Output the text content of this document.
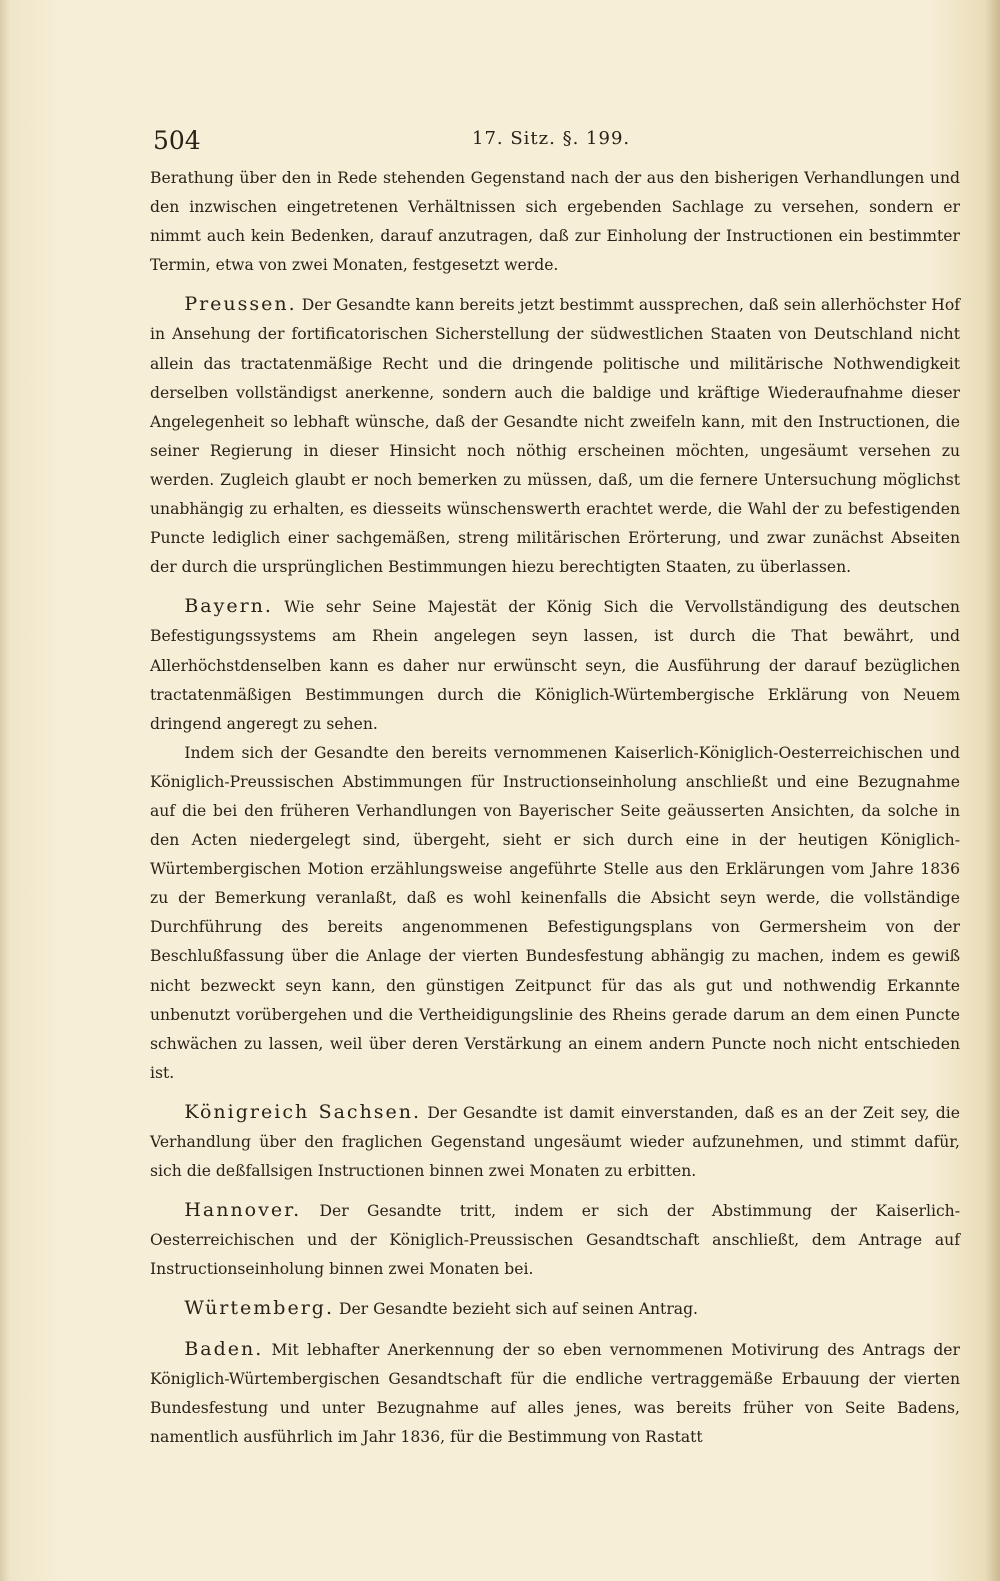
504	17. Sitz. §. 199.

Berathung über den in Rede stehenden Gegenstand nach der aus den bisherigen Verhandlungen und den inzwischen eingetretenen Verhältnissen sich ergebenden Sachlage zu versehen, sondern er nimmt auch kein Bedenken, darauf anzutragen, daß zur Einholung der Instructionen ein bestimmter Termin, etwa von zwei Monaten, festgesetzt werde.

Preussen. Der Gesandte kann bereits jetzt bestimmt aussprechen, daß sein allerhöchster Hof in Ansehung der fortificatorischen Sicherstellung der südwestlichen Staaten von Deutschland nicht allein das tractatenmäßige Recht und die dringende politische und militärische Nothwendigkeit derselben vollständigst anerkenne, sondern auch die baldige und kräftige Wiederaufnahme dieser Angelegenheit so lebhaft wünsche, daß der Gesandte nicht zweifeln kann, mit den Instructionen, die seiner Regierung in dieser Hinsicht noch nöthig erscheinen möchten, ungesäumt versehen zu werden. Zugleich glaubt er noch bemerken zu müssen, daß, um die fernere Untersuchung möglichst unabhängig zu erhalten, es diesseits wünschenswerth erachtet werde, die Wahl der zu befestigenden Puncte lediglich einer sachgemäßen, streng militärischen Erörterung, und zwar zunächst Abseiten der durch die ursprünglichen Bestimmungen hiezu berechtigten Staaten, zu überlassen.

Bayern. Wie sehr Seine Majestät der König Sich die Vervollständigung des deutschen Befestigungssystems am Rhein angelegen seyn lassen, ist durch die That bewährt, und Allerhöchstdenselben kann es daher nur erwünscht seyn, die Ausführung der darauf bezüglichen tractatenmäßigen Bestimmungen durch die Königlich-Würtembergische Erklärung von Neuem dringend angeregt zu sehen.

Indem sich der Gesandte den bereits vernommenen Kaiserlich-Königlich-Oesterreichischen und Königlich-Preussischen Abstimmungen für Instructionseinholung anschließt und eine Bezugnahme auf die bei den früheren Verhandlungen von Bayerischer Seite geäusserten Ansichten, da solche in den Acten niedergelegt sind, übergeht, sieht er sich durch eine in der heutigen Königlich-Würtembergischen Motion erzählungsweise angeführte Stelle aus den Erklärungen vom Jahre 1836 zu der Bemerkung veranlaßt, daß es wohl keinenfalls die Absicht seyn werde, die vollständige Durchführung des bereits angenommenen Befestigungsplans von Germersheim von der Beschlußfassung über die Anlage der vierten Bundesfestung abhängig zu machen, indem es gewiß nicht bezweckt seyn kann, den günstigen Zeitpunct für das als gut und nothwendig Erkannte unbenutzt vorübergehen und die Vertheidigungslinie des Rheins gerade darum an dem einen Puncte schwächen zu lassen, weil über deren Verstärkung an einem andern Puncte noch nicht entschieden ist.

Königreich Sachsen. Der Gesandte ist damit einverstanden, daß es an der Zeit sey, die Verhandlung über den fraglichen Gegenstand ungesäumt wieder aufzunehmen, und stimmt dafür, sich die deßfallsigen Instructionen binnen zwei Monaten zu erbitten.

Hannover. Der Gesandte tritt, indem er sich der Abstimmung der Kaiserlich-Oesterreichischen und der Königlich-Preussischen Gesandtschaft anschließt, dem Antrage auf Instructionseinholung binnen zwei Monaten bei.

Würtemberg. Der Gesandte bezieht sich auf seinen Antrag.

Baden. Mit lebhafter Anerkennung der so eben vernommenen Motivirung des Antrags der Königlich-Würtembergischen Gesandtschaft für die endliche vertraggemäße Erbauung der vierten Bundesfestung und unter Bezugnahme auf alles jenes, was bereits früher von Seite Badens, namentlich ausführlich im Jahr 1836, für die Bestimmung von Rastatt
